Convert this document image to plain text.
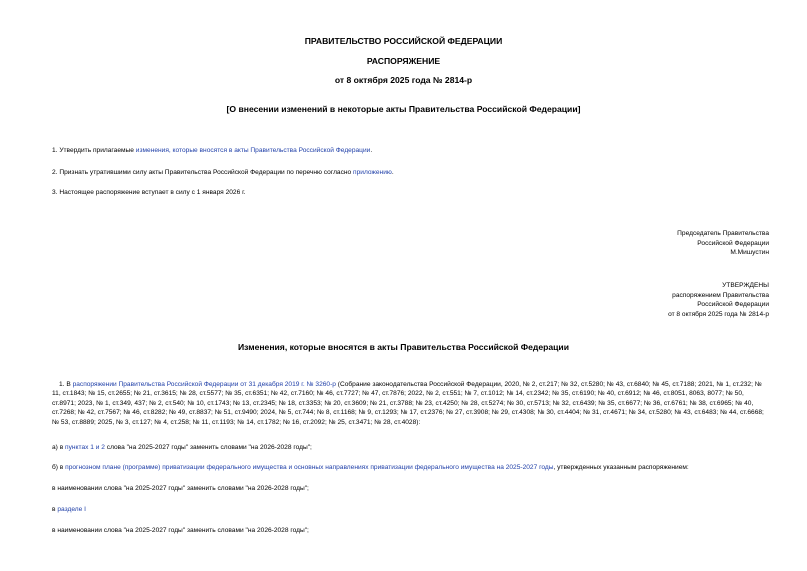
ПРАВИТЕЛЬСТВО РОССИЙСКОЙ ФЕДЕРАЦИИ
РАСПОРЯЖЕНИЕ
от 8 октября 2025 года № 2814-р
[О внесении изменений в некоторые акты Правительства Российской Федерации]
1. Утвердить прилагаемые изменения, которые вносятся в акты Правительства Российской Федерации.
2. Признать утратившими силу акты Правительства Российской Федерации по перечню согласно приложению.
3. Настоящее распоряжение вступает в силу с 1 января 2026 г.
Председатель Правительства
Российской Федерации
М.Мишустин
УТВЕРЖДЕНЫ
распоряжением Правительства
Российской Федерации
от 8 октября 2025 года № 2814-р
Изменения, которые вносятся в акты Правительства Российской Федерации
1. В распоряжении Правительства Российской Федерации от 31 декабря 2019 г. № 3260-р (Собрание законодательства Российской Федерации, 2020, № 2, ст.217; № 32, ст.5280; № 43, ст.6840; № 45, ст.7188; 2021, № 1, ст.232; № 11, ст.1843; № 15, ст.2655; № 21, ст.3615; № 28, ст.5577; № 35, ст.6351; № 42, ст.7160; № 46, ст.7727; № 47, ст.7876; 2022, № 2, ст.551; № 7, ст.1012; № 14, ст.2342; № 35, ст.6190; № 40, ст.6912; № 46, ст.8051, 8063, 8077; № 50, ст.8971; 2023, № 1, ст.349, 437; № 2, ст.540; № 10, ст.1743; № 13, ст.2345; № 18, ст.3353; № 20, ст.3609; № 21, ст.3788; № 23, ст.4250; № 28, ст.5274; № 30, ст.5713; № 32, ст.6439; № 35, ст.6677; № 36, ст.6761; № 38, ст.6965; № 40, ст.7268; № 42, ст.7567; № 46, ст.8282; № 49, ст.8837; № 51, ст.9490; 2024, № 5, ст.744; № 8, ст.1168; № 9, ст.1293; № 17, ст.2376; № 27, ст.3908; № 29, ст.4308; № 30, ст.4404; № 31, ст.4671; № 34, ст.5280; № 43, ст.6483; № 44, ст.6668; № 53, ст.8889; 2025, № 3, ст.127; № 4, ст.258; № 11, ст.1193; № 14, ст.1782; № 16, ст.2092; № 25, ст.3471; № 28, ст.4028):
а) в пунктах 1 и 2 слова "на 2025-2027 годы" заменить словами "на 2026-2028 годы";
б) в прогнозном плане (программе) приватизации федерального имущества и основных направлениях приватизации федерального имущества на 2025-2027 годы, утвержденных указанным распоряжением:
в наименовании слова "на 2025-2027 годы" заменить словами "на 2026-2028 годы";
в разделе I
в наименовании слова "на 2025-2027 годы" заменить словами "на 2026-2028 годы";
